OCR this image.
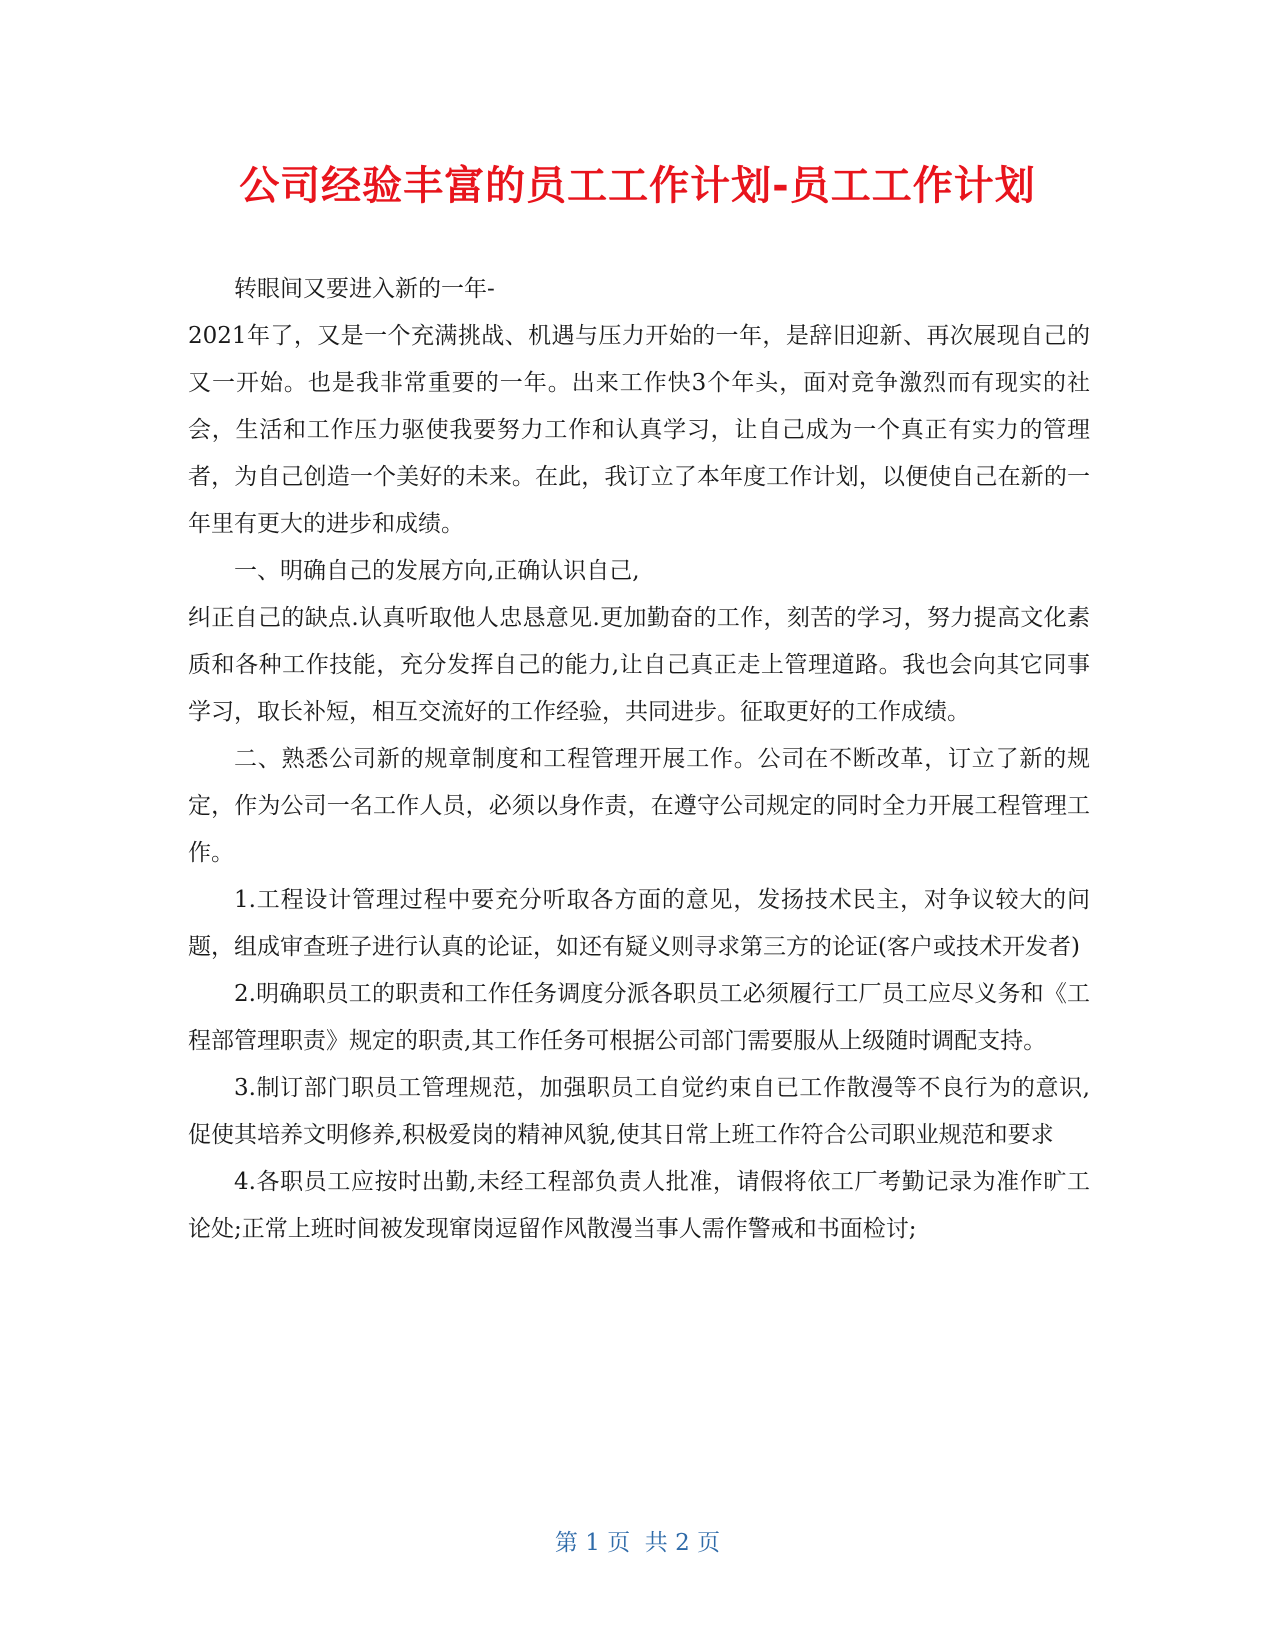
公司经验丰富的员工工作计划-员工工作计划

转眼间又要进入新的一年-

2021年了，又是一个充满挑战、机遇与压力开始的一年，是辞旧迎新、再次展现自己的又一开始。也是我非常重要的一年。出来工作快3个年头，面对竞争激烈而有现实的社会，生活和工作压力驱使我要努力工作和认真学习，让自己成为一个真正有实力的管理者，为自己创造一个美好的未来。在此，我订立了本年度工作计划，以便使自己在新的一年里有更大的进步和成绩。

一、明确自己的发展方向,正确认识自己,

纠正自己的缺点.认真听取他人忠恳意见.更加勤奋的工作，刻苦的学习，努力提高文化素质和各种工作技能，充分发挥自己的能力,让自己真正走上管理道路。我也会向其它同事学习，取长补短，相互交流好的工作经验，共同进步。征取更好的工作成绩。

二、熟悉公司新的规章制度和工程管理开展工作。公司在不断改革，订立了新的规定，作为公司一名工作人员，必须以身作责，在遵守公司规定的同时全力开展工程管理工作。

1.工程设计管理过程中要充分听取各方面的意见，发扬技术民主，对争议较大的问题，组成审查班子进行认真的论证，如还有疑义则寻求第三方的论证(客户或技术开发者)

2.明确职员工的职责和工作任务调度分派各职员工必须履行工厂员工应尽义务和《工程部管理职责》规定的职责,其工作任务可根据公司部门需要服从上级随时调配支持。

3.制订部门职员工管理规范，加强职员工自觉约束自已工作散漫等不良行为的意识,促使其培养文明修养,积极爱岗的精神风貌,使其日常上班工作符合公司职业规范和要求

4.各职员工应按时出勤,未经工程部负责人批准，请假将依工厂考勤记录为准作旷工论处;正常上班时间被发现窜岗逗留作风散漫当事人需作警戒和书面检讨;

第 1 页  共 2 页
